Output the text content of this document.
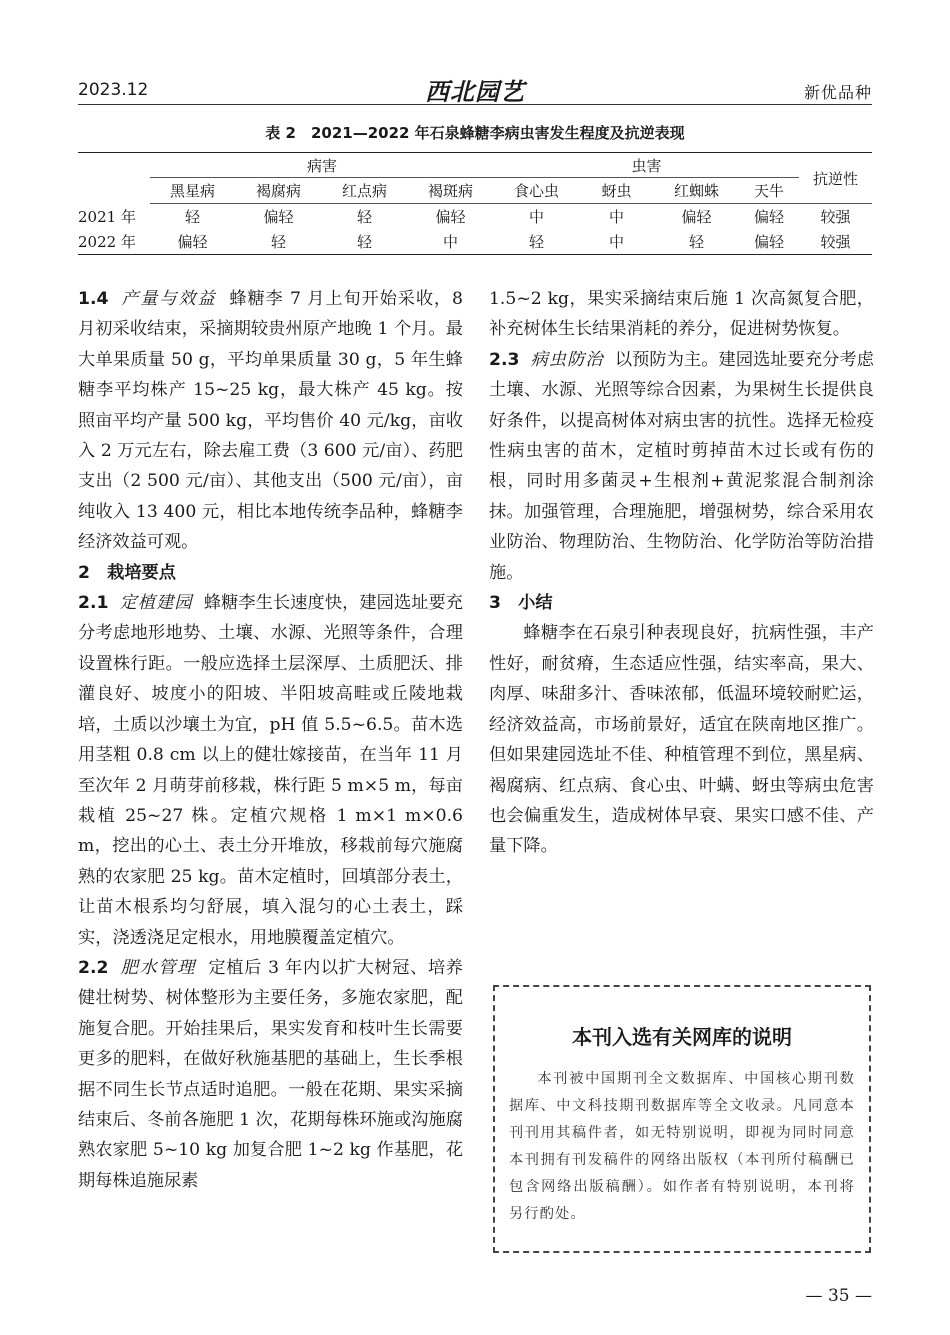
2023.12	西北园艺	新优品种
表 2　2021—2022 年石泉蜂糖李病虫害发生程度及抗逆表现
	病害				虫害				抗逆性
	黑星病	褐腐病	红点病	褐斑病	食心虫	蚜虫	红蜘蛛	天牛	
2021 年	轻	偏轻	轻	偏轻	中	中	偏轻	偏轻	较强
2022 年	偏轻	轻	轻	中	轻	中	轻	偏轻	较强

1.4 产量与效益 蜂糖李 7 月上旬开始采收，8 月初采收结束，采摘期较贵州原产地晚 1 个月。最大单果质量 50 g，平均单果质量 30 g，5 年生蜂糖李平均株产 15~25 kg，最大株产 45 kg。按照亩平均产量 500 kg，平均售价 40 元/kg，亩收入 2 万元左右，除去雇工费（3 600 元/亩）、药肥支出（2 500 元/亩）、其他支出（500 元/亩），亩纯收入 13 400 元，相比本地传统李品种，蜂糖李经济效益可观。

2　栽培要点

2.1 定植建园 蜂糖李生长速度快，建园选址要充分考虑地形地势、土壤、水源、光照等条件，合理设置株行距。一般应选择土层深厚、土质肥沃、排灌良好、坡度小的阳坡、半阳坡高畦或丘陵地栽培，土质以沙壤土为宜，pH 值 5.5~6.5。苗木选用茎粗 0.8 cm 以上的健壮嫁接苗，在当年 11 月至次年 2 月萌芽前移栽，株行距 5 m×5 m，每亩栽植 25~27 株。定植穴规格 1 m×1 m×0.6 m，挖出的心土、表土分开堆放，移栽前每穴施腐熟的农家肥 25 kg。苗木定植时，回填部分表土，让苗木根系均匀舒展，填入混匀的心土表土，踩实，浇透浇足定根水，用地膜覆盖定植穴。

2.2 肥水管理 定植后 3 年内以扩大树冠、培养健壮树势、树体整形为主要任务，多施农家肥，配施复合肥。开始挂果后，果实发育和枝叶生长需要更多的肥料，在做好秋施基肥的基础上，生长季根据不同生长节点适时追肥。一般在花期、果实采摘结束后、冬前各施肥 1 次，花期每株环施或沟施腐熟农家肥 5~10 kg 加复合肥 1~2 kg 作基肥，花期每株追施尿素

1.5~2 kg，果实采摘结束后施 1 次高氮复合肥，补充树体生长结果消耗的养分，促进树势恢复。

2.3 病虫防治 以预防为主。建园选址要充分考虑土壤、水源、光照等综合因素，为果树生长提供良好条件，以提高树体对病虫害的抗性。选择无检疫性病虫害的苗木，定植时剪掉苗木过长或有伤的根，同时用多菌灵+生根剂+黄泥浆混合制剂涂抹。加强管理，合理施肥，增强树势，综合采用农业防治、物理防治、生物防治、化学防治等防治措施。

3　小结

蜂糖李在石泉引种表现良好，抗病性强，丰产性好，耐贫瘠，生态适应性强，结实率高，果大、肉厚、味甜多汁、香味浓郁，低温环境较耐贮运，经济效益高，市场前景好，适宜在陕南地区推广。但如果建园选址不佳、种植管理不到位，黑星病、褐腐病、红点病、食心虫、叶螨、蚜虫等病虫危害也会偏重发生，造成树体早衰、果实口感不佳、产量下降。

本刊入选有关网库的说明
本刊被中国期刊全文数据库、中国核心期刊数据库、中文科技期刊数据库等全文收录。凡同意本刊刊用其稿件者，如无特别说明，即视为同时同意本刊拥有刊发稿件的网络出版权（本刊所付稿酬已包含网络出版稿酬）。如作者有特别说明，本刊将另行酌处。
— 35 —
